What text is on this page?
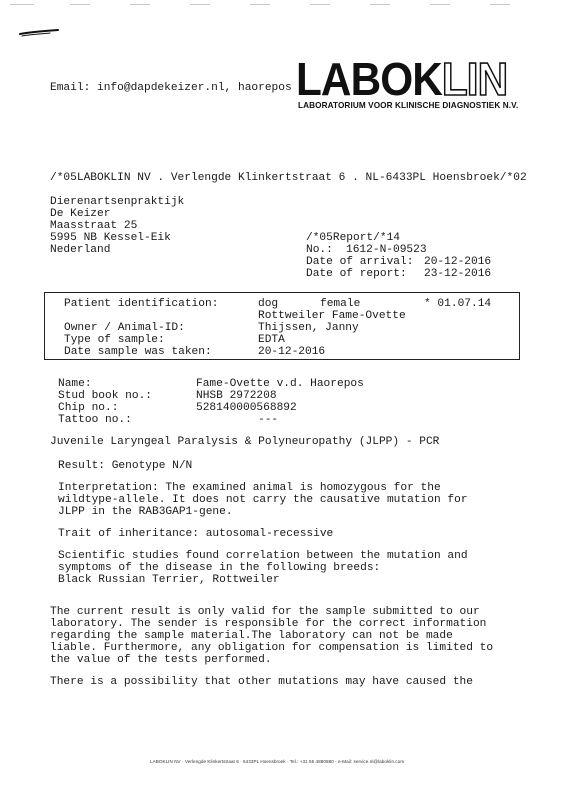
Email: info@dapdekeizer.nl, haorepos LABOKLIN
LABORATORIUM VOOR KLINISCHE DIAGNOSTIEK N.V.
/*05LABOKLIN NV . Verlengde Klinkertstraat 6 . NL-6433PL Hoensbroek/*02
Dierenartsenpraktijk
De Keizer
Maasstraat 25
5995 NB Kessel-Eik
Nederland
/*05Report/*14
No.: 1612-N-09523
Date of arrival: 20-12-2016
Date of report: 23-12-2016
Patient identification:	dog	female	* 01.07.14
Rottweiler Fame-Ovette
Owner / Animal-ID:	Thijssen, Janny
Type of sample:	EDTA
Date sample was taken:	20-12-2016
Name:	Fame-Ovette v.d. Haorepos
Stud book no.:	NHSB 2972208
Chip no.:	528140000568892
Tattoo no.:	---
Juvenile Laryngeal Paralysis & Polyneuropathy (JLPP) - PCR
Result: Genotype N/N
Interpretation: The examined animal is homozygous for the
wildtype-allele. It does not carry the causative mutation for
JLPP in the RAB3GAP1-gene.
Trait of inheritance: autosomal-recessive
Scientific studies found correlation between the mutation and
symptoms of the disease in the following breeds:
Black Russian Terrier, Rottweiler
The current result is only valid for the sample submitted to our
laboratory. The sender is responsible for the correct information
regarding the sample material.The laboratory can not be made
liable. Furthermore, any obligation for compensation is limited to
the value of the tests performed.
There is a possibility that other mutations may have caused the
LABOKLIN NV · Verlengde Klinkertstraat 6 · 6433PL Hoensbroek · Tel.: +31 55 4880880 · e-Mail: service.nl@laboklin.com
